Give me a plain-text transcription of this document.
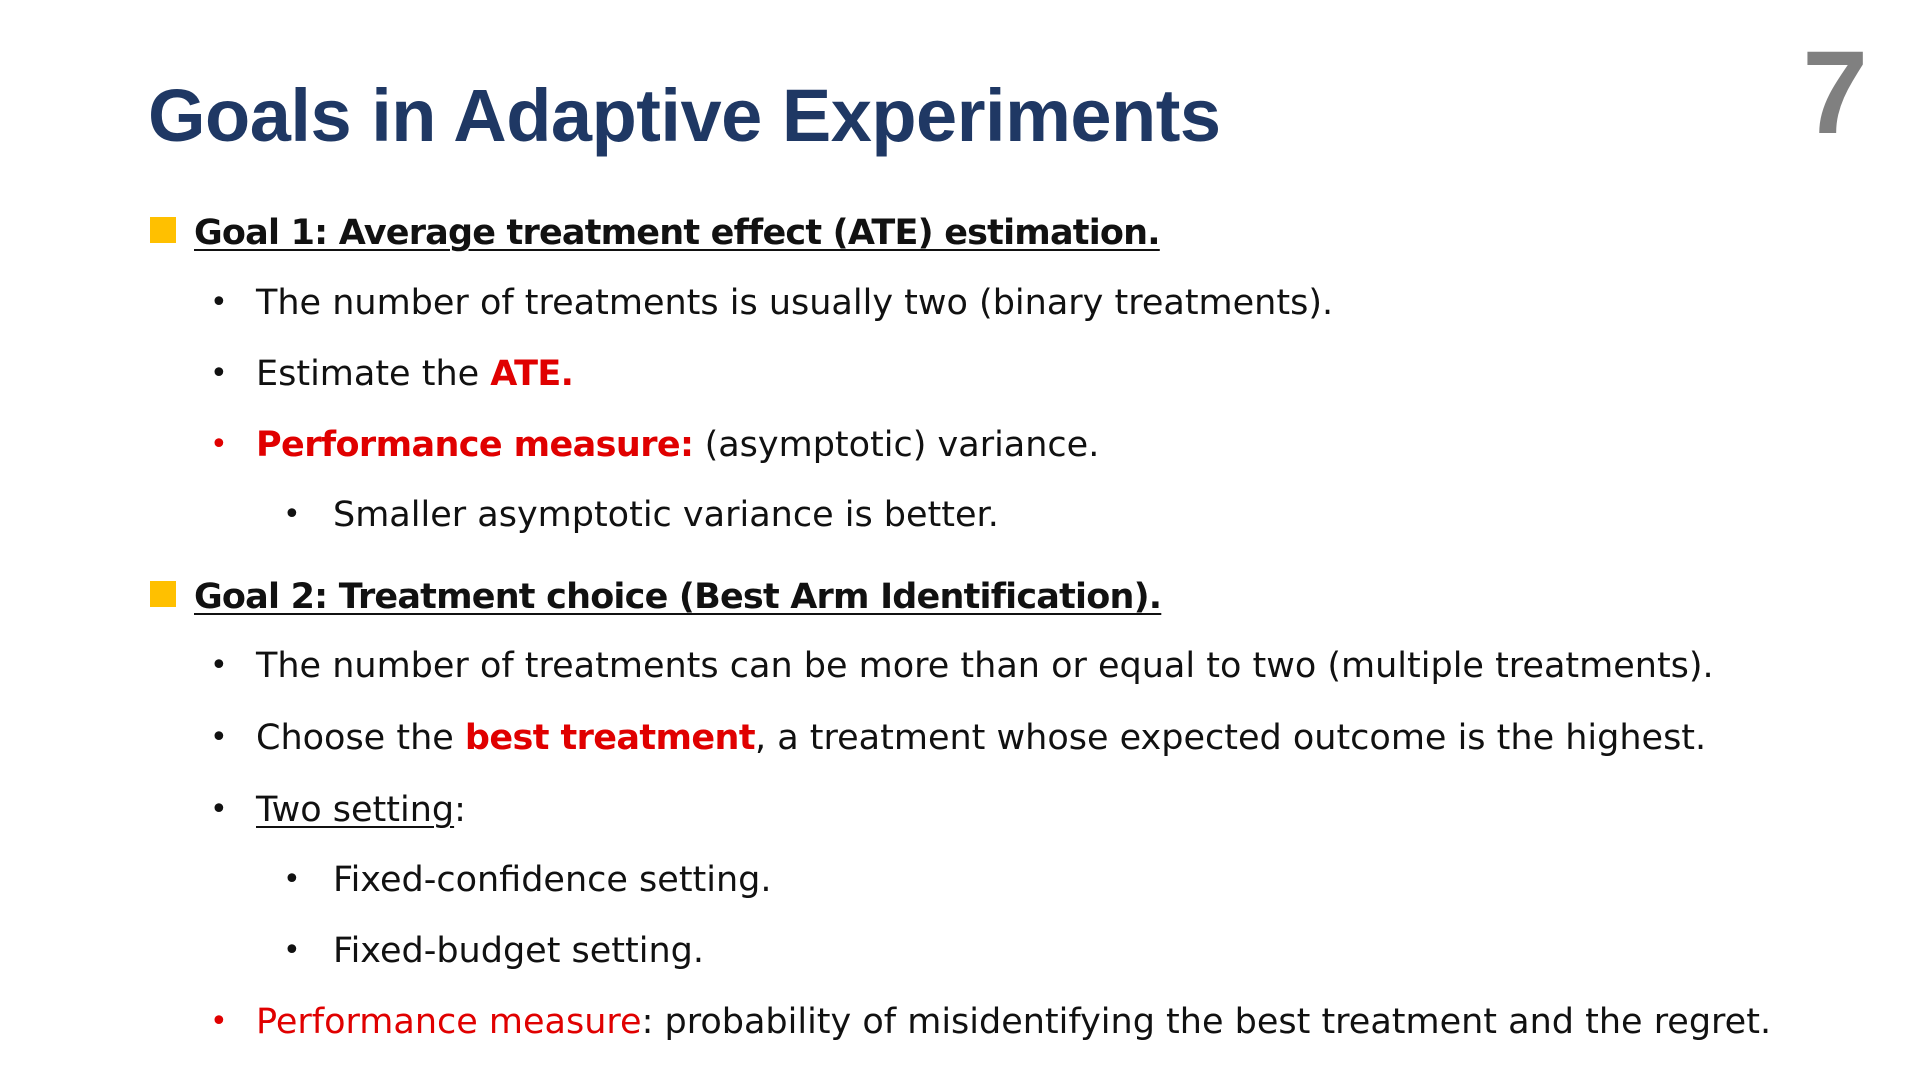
Goals in Adaptive Experiments	7
Goal 1: Average treatment effect (ATE) estimation.
• The number of treatments is usually two (binary treatments).
• Estimate the ATE.
• Performance measure: (asymptotic) variance.
• Smaller asymptotic variance is better.
Goal 2: Treatment choice (Best Arm Identification).
• The number of treatments can be more than or equal to two (multiple treatments).
• Choose the best treatment, a treatment whose expected outcome is the highest.
• Two setting:
• Fixed-confidence setting.
• Fixed-budget setting.
• Performance measure: probability of misidentifying the best treatment and the regret.
